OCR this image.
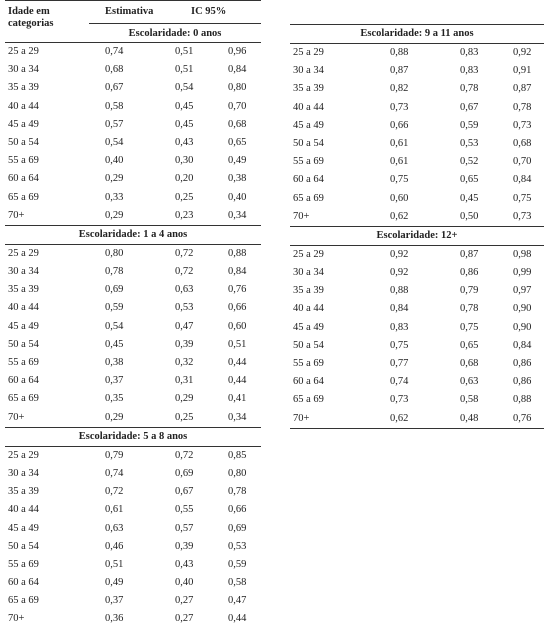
Idade em
categorias
Estimativa	IC 95%
Escolaridade: 0 anos
25 a 29	0,74	0,51	0,96
30 a 34	0,68	0,51	0,84
35 a 39	0,67	0,54	0,80
40 a 44	0,58	0,45	0,70
45 a 49	0,57	0,45	0,68
50 a 54	0,54	0,43	0,65
55 a 69	0,40	0,30	0,49
60 a 64	0,29	0,20	0,38
65 a 69	0,33	0,25	0,40
70+	0,29	0,23	0,34
Escolaridade: 1 a 4 anos
25 a 29	0,80	0,72	0,88
30 a 34	0,78	0,72	0,84
35 a 39	0,69	0,63	0,76
40 a 44	0,59	0,53	0,66
45 a 49	0,54	0,47	0,60
50 a 54	0,45	0,39	0,51
55 a 69	0,38	0,32	0,44
60 a 64	0,37	0,31	0,44
65 a 69	0,35	0,29	0,41
70+	0,29	0,25	0,34
Escolaridade: 5 a 8 anos
25 a 29	0,79	0,72	0,85
30 a 34	0,74	0,69	0,80
35 a 39	0,72	0,67	0,78
40 a 44	0,61	0,55	0,66
45 a 49	0,63	0,57	0,69
50 a 54	0,46	0,39	0,53
55 a 69	0,51	0,43	0,59
60 a 64	0,49	0,40	0,58
65 a 69	0,37	0,27	0,47
70+	0,36	0,27	0,44
Escolaridade: 9 a 11 anos
25 a 29	0,88	0,83	0,92
30 a 34	0,87	0,83	0,91
35 a 39	0,82	0,78	0,87
40 a 44	0,73	0,67	0,78
45 a 49	0,66	0,59	0,73
50 a 54	0,61	0,53	0,68
55 a 69	0,61	0,52	0,70
60 a 64	0,75	0,65	0,84
65 a 69	0,60	0,45	0,75
70+	0,62	0,50	0,73
Escolaridade: 12+
25 a 29	0,92	0,87	0,98
30 a 34	0,92	0,86	0,99
35 a 39	0,88	0,79	0,97
40 a 44	0,84	0,78	0,90
45 a 49	0,83	0,75	0,90
50 a 54	0,75	0,65	0,84
55 a 69	0,77	0,68	0,86
60 a 64	0,74	0,63	0,86
65 a 69	0,73	0,58	0,88
70+	0,62	0,48	0,76
